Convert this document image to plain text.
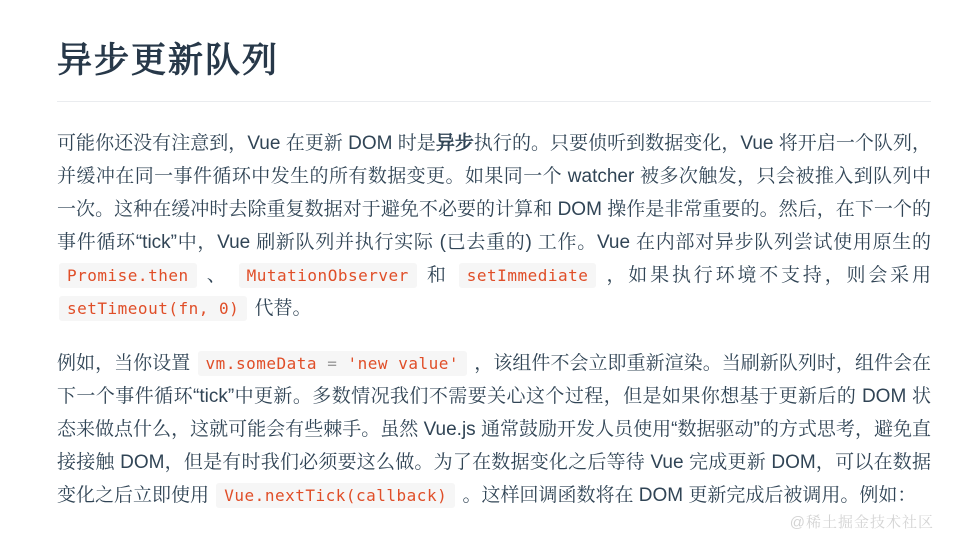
异步更新队列

可能你还没有注意到，Vue 在更新 DOM 时是异步执行的。只要侦听到数据变化，Vue 将开启一个队列，并缓冲在同一事件循环中发生的所有数据变更。如果同一个 watcher 被多次触发，只会被推入到队列中一次。这种在缓冲时去除重复数据对于避免不必要的计算和 DOM 操作是非常重要的。然后，在下一个的事件循环“tick”中，Vue 刷新队列并执行实际 (已去重的) 工作。Vue 在内部对异步队列尝试使用原生的 Promise.then 、 MutationObserver 和 setImmediate ，如果执行环境不支持，则会采用 setTimeout(fn, 0) 代替。

例如，当你设置 vm.someData = 'new value' ，该组件不会立即重新渲染。当刷新队列时，组件会在下一个事件循环“tick”中更新。多数情况我们不需要关心这个过程，但是如果你想基于更新后的 DOM 状态来做点什么，这就可能会有些棘手。虽然 Vue.js 通常鼓励开发人员使用“数据驱动”的方式思考，避免直接接触 DOM，但是有时我们必须要这么做。为了在数据变化之后等待 Vue 完成更新 DOM，可以在数据变化之后立即使用 Vue.nextTick(callback) 。这样回调函数将在 DOM 更新完成后被调用。例如：

@稀土掘金技术社区
